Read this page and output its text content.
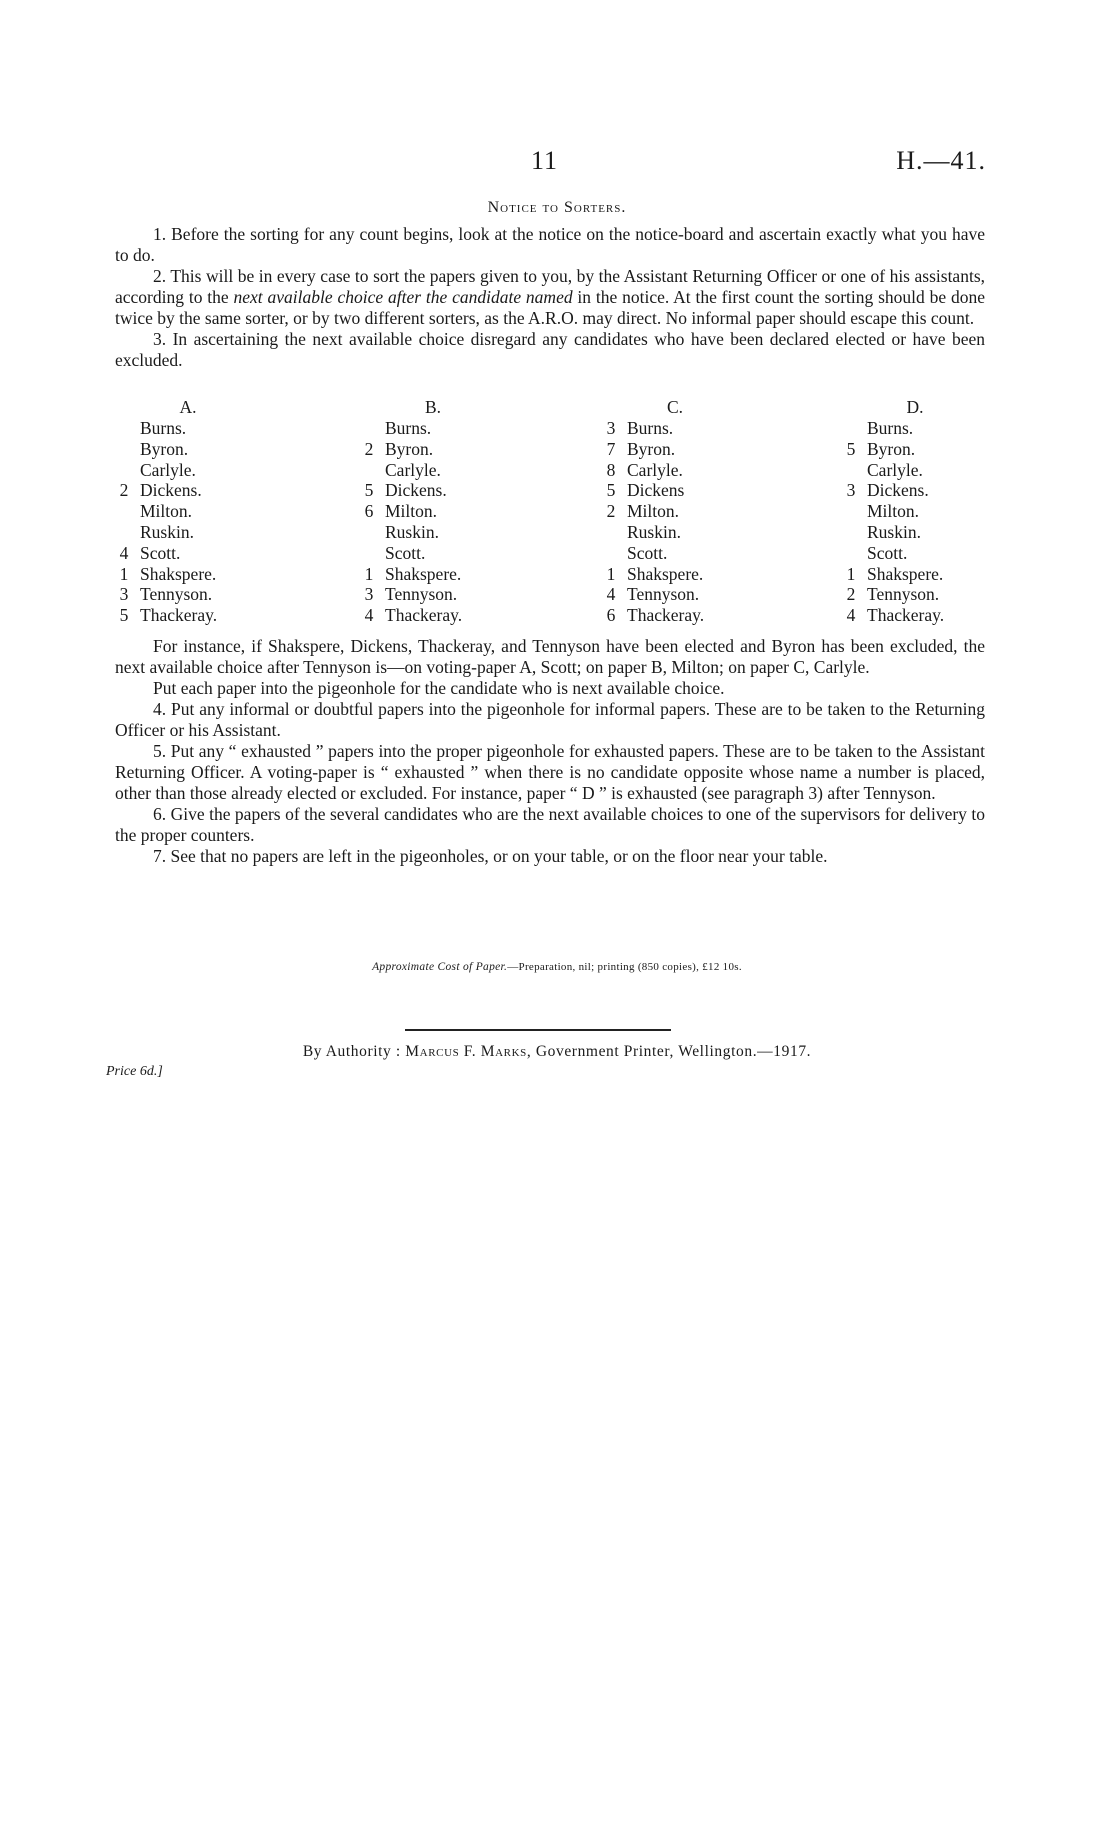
11	H.—41.
Notice to Sorters.

1. Before the sorting for any count begins, look at the notice on the notice-board and ascertain exactly what you have to do.

2. This will be in every case to sort the papers given to you, by the Assistant Returning Officer or one of his assistants, according to the next available choice after the candidate named in the notice. At the first count the sorting should be done twice by the same sorter, or by two different sorters, as the A.R.O. may direct. No informal paper should escape this count.

3. In ascertaining the next available choice disregard any candidates who have been declared elected or have been excluded.

A.
Burns.
Byron.
Carlyle.
2 Dickens.
Milton.
Ruskin.
4 Scott.
1 Shakspere.
3 Tennyson.
5 Thackeray.
B.
Burns.
2 Byron.
Carlyle.
5 Dickens.
6 Milton.
Ruskin.
Scott.
1 Shakspere.
3 Tennyson.
4 Thackeray.
C.
3 Burns.
7 Byron.
8 Carlyle.
5 Dickens
2 Milton.
Ruskin.
Scott.
1 Shakspere.
4 Tennyson.
6 Thackeray.
D.
Burns.
5 Byron.
Carlyle.
3 Dickens.
Milton.
Ruskin.
Scott.
1 Shakspere.
2 Tennyson.
4 Thackeray.

For instance, if Shakspere, Dickens, Thackeray, and Tennyson have been elected and Byron has been excluded, the next available choice after Tennyson is—on voting-paper A, Scott; on paper B, Milton; on paper C, Carlyle.

Put each paper into the pigeonhole for the candidate who is next available choice.

4. Put any informal or doubtful papers into the pigeonhole for informal papers. These are to be taken to the Returning Officer or his Assistant.

5. Put any “ exhausted ” papers into the proper pigeonhole for exhausted papers. These are to be taken to the Assistant Returning Officer. A voting-paper is “ exhausted ” when there is no candidate opposite whose name a number is placed, other than those already elected or excluded. For instance, paper “ D ” is exhausted (see paragraph 3) after Tennyson.

6. Give the papers of the several candidates who are the next available choices to one of the supervisors for delivery to the proper counters.

7. See that no papers are left in the pigeonholes, or on your table, or on the floor near your table.

Approximate Cost of Paper.—Preparation, nil; printing (850 copies), £12 10s.
By Authority : Marcus F. Marks, Government Printer, Wellington.—1917.
Price 6d.]
